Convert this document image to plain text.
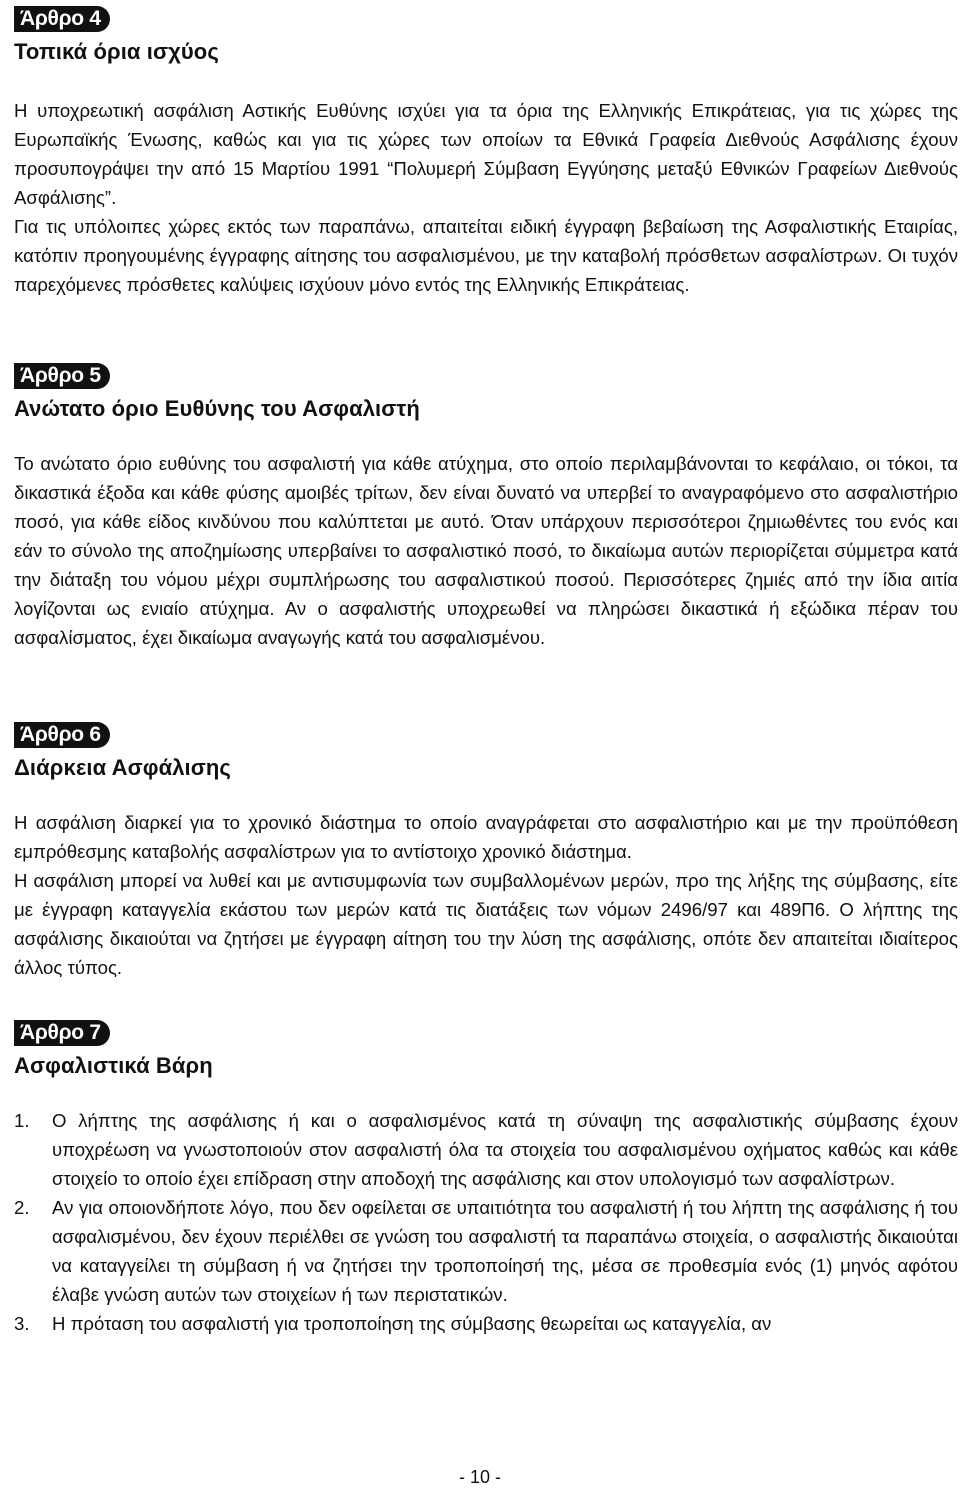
Άρθρο 4
Τοπικά όρια ισχύος

Η υποχρεωτική ασφάλιση Αστικής Ευθύνης ισχύει για τα όρια της Ελληνικής Επικράτειας, για τις χώρες της Ευρωπαϊκής Ένωσης, καθώς και για τις χώρες των οποίων τα Εθνικά Γραφεία Διεθνούς Ασφάλισης έχουν προσυπογράψει την από 15 Μαρτίου 1991 “Πολυμερή Σύμβαση Εγγύησης μεταξύ Εθνικών Γραφείων Διεθνούς Ασφάλισης”.

Για τις υπόλοιπες χώρες εκτός των παραπάνω, απαιτείται ειδική έγγραφη βεβαίωση της Ασφαλιστικής Εταιρίας, κατόπιν προηγουμένης έγγραφης αίτησης του ασφαλισμένου, με την καταβολή πρόσθετων ασφαλίστρων. Οι τυχόν παρεχόμενες πρόσθετες καλύψεις ισχύουν μόνο εντός της Ελληνικής Επικράτειας.

Άρθρο 5
Ανώτατο όριο Ευθύνης του Ασφαλιστή

Το ανώτατο όριο ευθύνης του ασφαλιστή για κάθε ατύχημα, στο οποίο περιλαμβάνονται το κεφάλαιο, οι τόκοι, τα δικαστικά έξοδα και κάθε φύσης αμοιβές τρίτων, δεν είναι δυνατό να υπερβεί το αναγραφόμενο στο ασφαλιστήριο ποσό, για κάθε είδος κινδύνου που καλύπτεται με αυτό. Όταν υπάρχουν περισσότεροι ζημιωθέντες του ενός και εάν το σύνολο της αποζημίωσης υπερβαίνει το ασφαλιστικό ποσό, το δικαίωμα αυτών περιορίζεται σύμμετρα κατά την διάταξη του νόμου μέχρι συμπλήρωσης του ασφαλιστικού ποσού. Περισσότερες ζημιές από την ίδια αιτία λογίζονται ως ενιαίο ατύχημα. Αν ο ασφαλιστής υποχρεωθεί να πληρώσει δικαστικά ή εξώδικα πέραν του ασφαλίσματος, έχει δικαίωμα αναγωγής κατά του ασφαλισμένου.

Άρθρο 6
Διάρκεια Ασφάλισης

Η ασφάλιση διαρκεί για το χρονικό διάστημα το οποίο αναγράφεται στο ασφαλιστήριο και με την προϋπόθεση εμπρόθεσμης καταβολής ασφαλίστρων για το αντίστοιχο χρονικό διάστημα.

Η ασφάλιση μπορεί να λυθεί και με αντισυμφωνία των συμβαλλομένων μερών, προ της λήξης της σύμβασης, είτε με έγγραφη καταγγελία εκάστου των μερών κατά τις διατάξεις των νόμων 2496/97 και 489Π6. Ο λήπτης της ασφάλισης δικαιούται να ζητήσει με έγγραφη αίτηση του την λύση της ασφάλισης, οπότε δεν απαιτείται ιδιαίτερος άλλος τύπος.

Άρθρο 7
Ασφαλιστικά Βάρη
1. Ο λήπτης της ασφάλισης ή και ο ασφαλισμένος κατά τη σύναψη της ασφαλιστικής σύμβασης έχουν υποχρέωση να γνωστοποιούν στον ασφαλιστή όλα τα στοιχεία του ασφαλισμένου οχήματος καθώς και κάθε στοιχείο το οποίο έχει επίδραση στην αποδοχή της ασφάλισης και στον υπολογισμό των ασφαλίστρων.
2. Αν για οποιονδήποτε λόγο, που δεν οφείλεται σε υπαιτιότητα του ασφαλιστή ή του λήπτη της ασφάλισης ή του ασφαλισμένου, δεν έχουν περιέλθει σε γνώση του ασφαλιστή τα παραπάνω στοιχεία, ο ασφαλιστής δικαιούται να καταγγείλει τη σύμβαση ή να ζητήσει την τροποποίησή της, μέσα σε προθεσμία ενός (1) μηνός αφότου έλαβε γνώση αυτών των στοιχείων ή των περιστατικών.
3. Η πρόταση του ασφαλιστή για τροποποίηση της σύμβασης θεωρείται ως καταγγελία, αν
- 10 -
